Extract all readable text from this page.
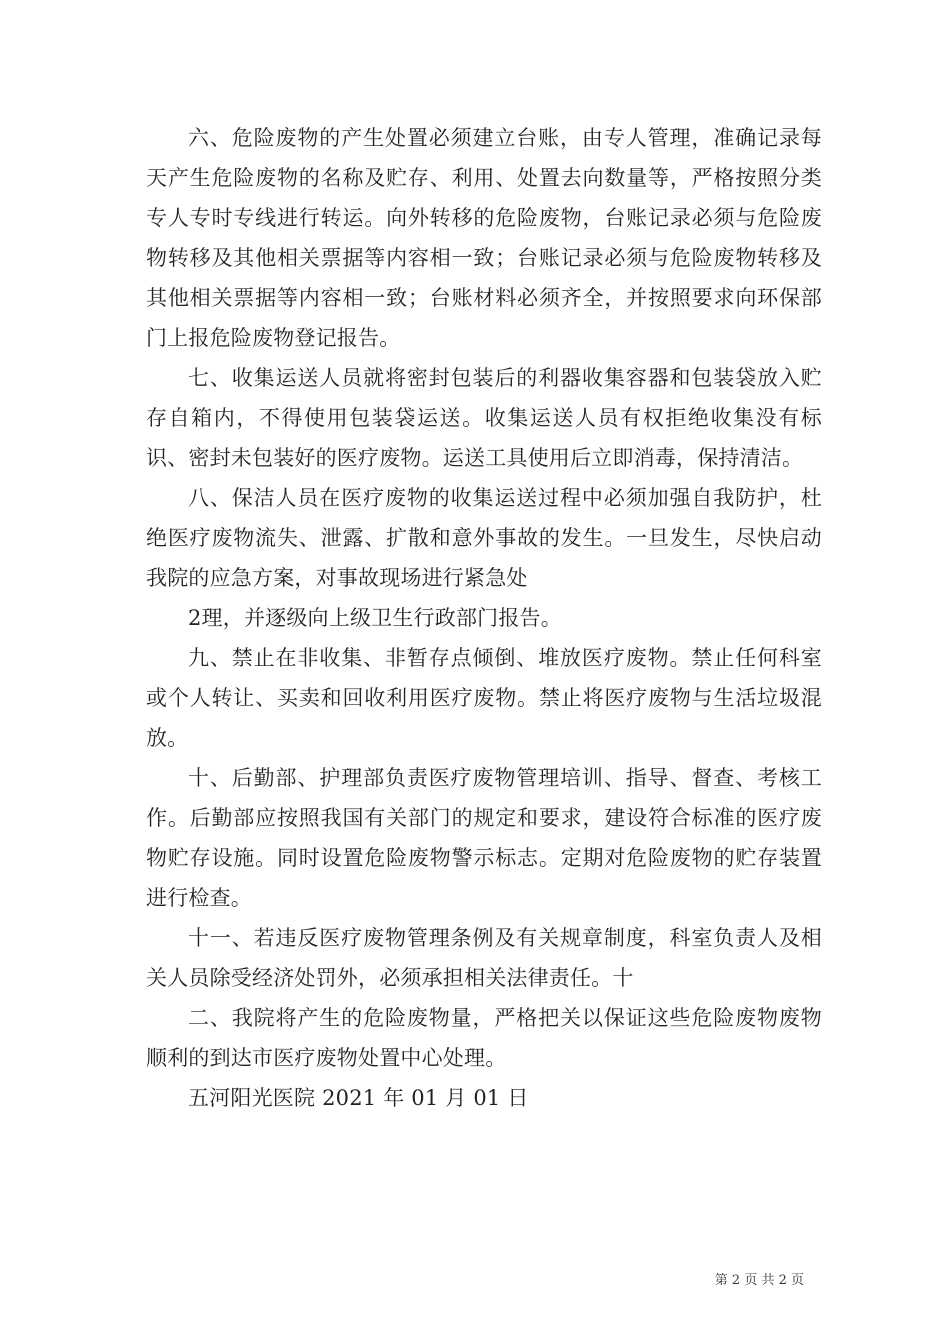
六、危险废物的产生处置必须建立台账，由专人管理，准确记录每天产生危险废物的名称及贮存、利用、处置去向数量等，严格按照分类专人专时专线进行转运。向外转移的危险废物，台账记录必须与危险废物转移及其他相关票据等内容相一致；台账记录必须与危险废物转移及其他相关票据等内容相一致；台账材料必须齐全，并按照要求向环保部门上报危险废物登记报告。

七、收集运送人员就将密封包装后的利器收集容器和包装袋放入贮存自箱内，不得使用包装袋运送。收集运送人员有权拒绝收集没有标识、密封未包装好的医疗废物。运送工具使用后立即消毒，保持清洁。

八、保洁人员在医疗废物的收集运送过程中必须加强自我防护，杜绝医疗废物流失、泄露、扩散和意外事故的发生。一旦发生，尽快启动我院的应急方案，对事故现场进行紧急处

2理，并逐级向上级卫生行政部门报告。

九、禁止在非收集、非暂存点倾倒、堆放医疗废物。禁止任何科室或个人转让、买卖和回收利用医疗废物。禁止将医疗废物与生活垃圾混放。

十、后勤部、护理部负责医疗废物管理培训、指导、督查、考核工作。后勤部应按照我国有关部门的规定和要求，建设符合标准的医疗废物贮存设施。同时设置危险废物警示标志。定期对危险废物的贮存装置进行检查。

十一、若违反医疗废物管理条例及有关规章制度，科室负责人及相关人员除受经济处罚外，必须承担相关法律责任。十

二、我院将产生的危险废物量，严格把关以保证这些危险废物废物顺利的到达市医疗废物处置中心处理。

五河阳光医院 2021 年 01 月 01 日

第 2 页 共 2 页
